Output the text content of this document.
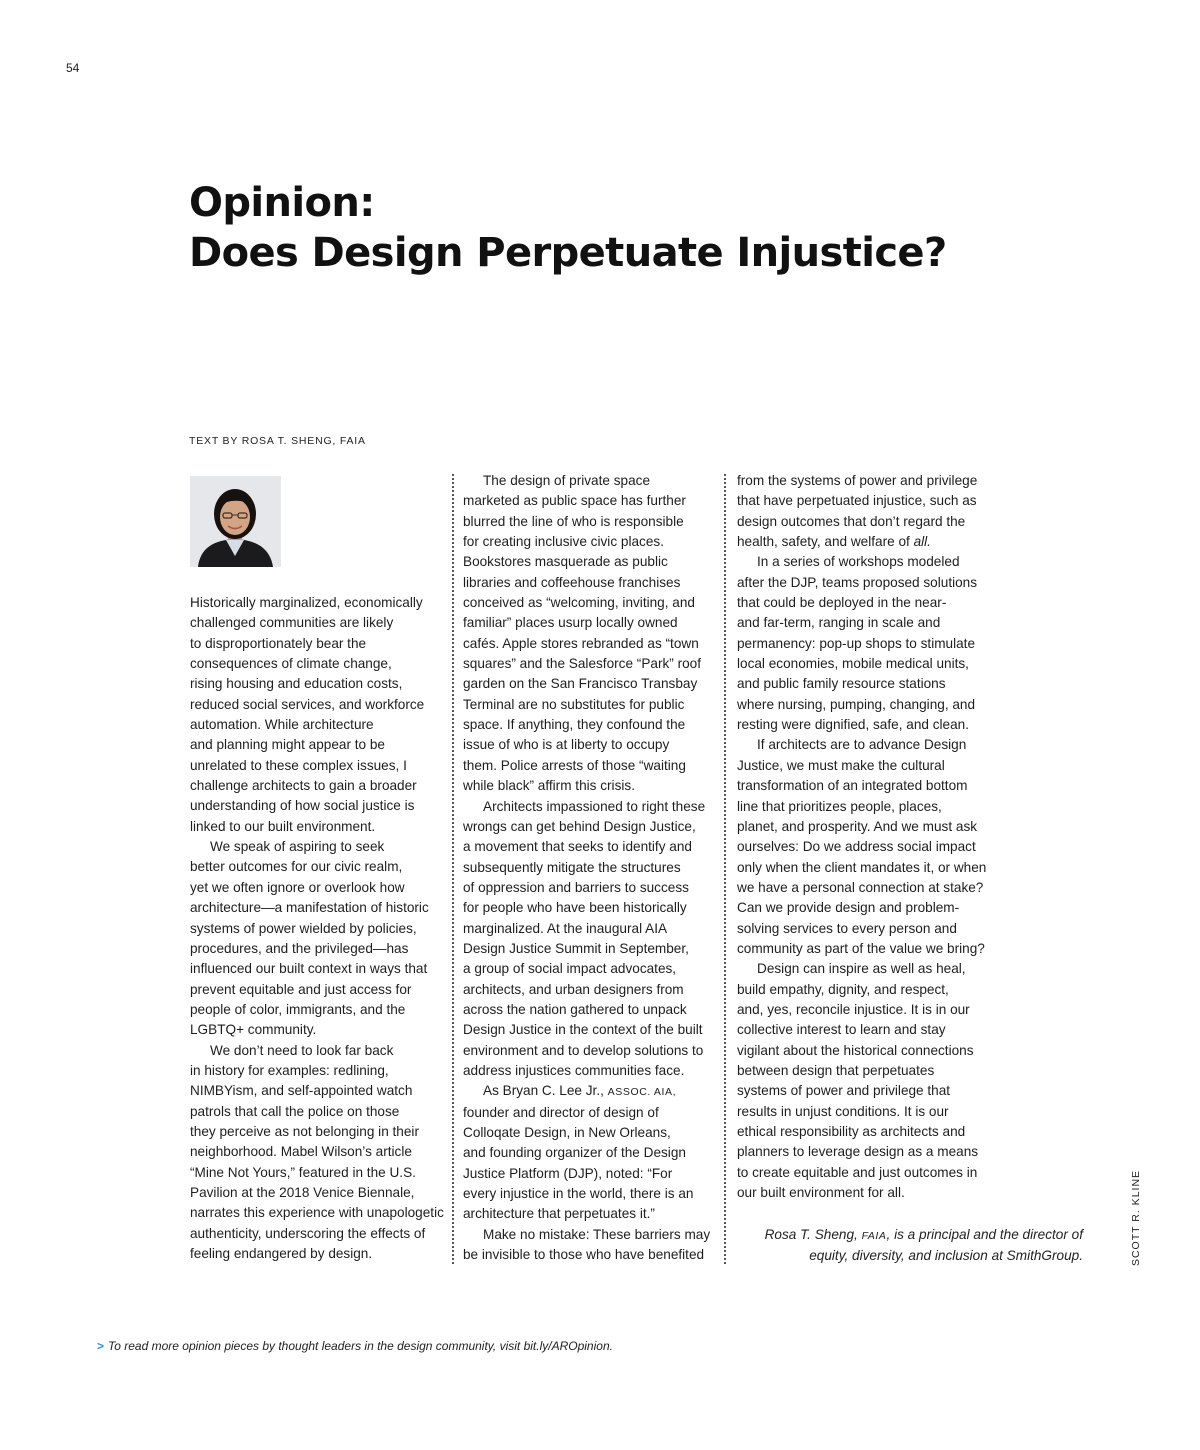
54
Opinion:
Does Design Perpetuate Injustice?
TEXT BY ROSA T. SHENG, FAIA

Historically marginalized, economically

challenged communities are likely

to disproportionately bear the

consequences of climate change,

rising housing and education costs,

reduced social services, and workforce

automation. While architecture

and planning might appear to be

unrelated to these complex issues, I

challenge architects to gain a broader

understanding of how social justice is

linked to our built environment.

We speak of aspiring to seek

better outcomes for our civic realm,

yet we often ignore or overlook how

architecture—a manifestation of historic

systems of power wielded by policies,

procedures, and the privileged—has

influenced our built context in ways that

prevent equitable and just access for

people of color, immigrants, and the

LGBTQ+ community.

We don’t need to look far back

in history for examples: redlining,

NIMBYism, and self-appointed watch

patrols that call the police on those

they perceive as not belonging in their

neighborhood. Mabel Wilson’s article

“Mine Not Yours,” featured in the U.S.

Pavilion at the 2018 Venice Biennale,

narrates this experience with unapologetic

authenticity, underscoring the effects of

feeling endangered by design.

The design of private space

marketed as public space has further

blurred the line of who is responsible

for creating inclusive civic places.

Bookstores masquerade as public

libraries and coffeehouse franchises

conceived as “welcoming, inviting, and

familiar” places usurp locally owned

cafés. Apple stores rebranded as “town

squares” and the Salesforce “Park” roof

garden on the San Francisco Transbay

Terminal are no substitutes for public

space. If anything, they confound the

issue of who is at liberty to occupy

them. Police arrests of those “waiting

while black” affirm this crisis.

Architects impassioned to right these

wrongs can get behind Design Justice,

a movement that seeks to identify and

subsequently mitigate the structures

of oppression and barriers to success

for people who have been historically

marginalized. At the inaugural AIA

Design Justice Summit in September,

a group of social impact advocates,

architects, and urban designers from

across the nation gathered to unpack

Design Justice in the context of the built

environment and to develop solutions to

address injustices communities face.

As Bryan C. Lee Jr., ASSOC. AIA,

founder and director of design of

Colloqate Design, in New Orleans,

and founding organizer of the Design

Justice Platform (DJP), noted: “For

every injustice in the world, there is an

architecture that perpetuates it.”

Make no mistake: These barriers may

be invisible to those who have benefited

from the systems of power and privilege

that have perpetuated injustice, such as

design outcomes that don’t regard the

health, safety, and welfare of all.

In a series of workshops modeled

after the DJP, teams proposed solutions

that could be deployed in the near-

and far-term, ranging in scale and

permanency: pop-up shops to stimulate

local economies, mobile medical units,

and public family resource stations

where nursing, pumping, changing, and

resting were dignified, safe, and clean.

If architects are to advance Design

Justice, we must make the cultural

transformation of an integrated bottom

line that prioritizes people, places,

planet, and prosperity. And we must ask

ourselves: Do we address social impact

only when the client mandates it, or when

we have a personal connection at stake?

Can we provide design and problem-

solving services to every person and

community as part of the value we bring?

Design can inspire as well as heal,

build empathy, dignity, and respect,

and, yes, reconcile injustice. It is in our

collective interest to learn and stay

vigilant about the historical connections

between design that perpetuates

systems of power and privilege that

results in unjust conditions. It is our

ethical responsibility as architects and

planners to leverage design as a means

to create equitable and just outcomes in

our built environment for all.

Rosa T. Sheng, FAIA, is a principal and the director of

equity, diversity, and inclusion at SmithGroup.	SCOTT R. KLINE
> To read more opinion pieces by thought leaders in the design community, visit bit.ly/AROpinion.
